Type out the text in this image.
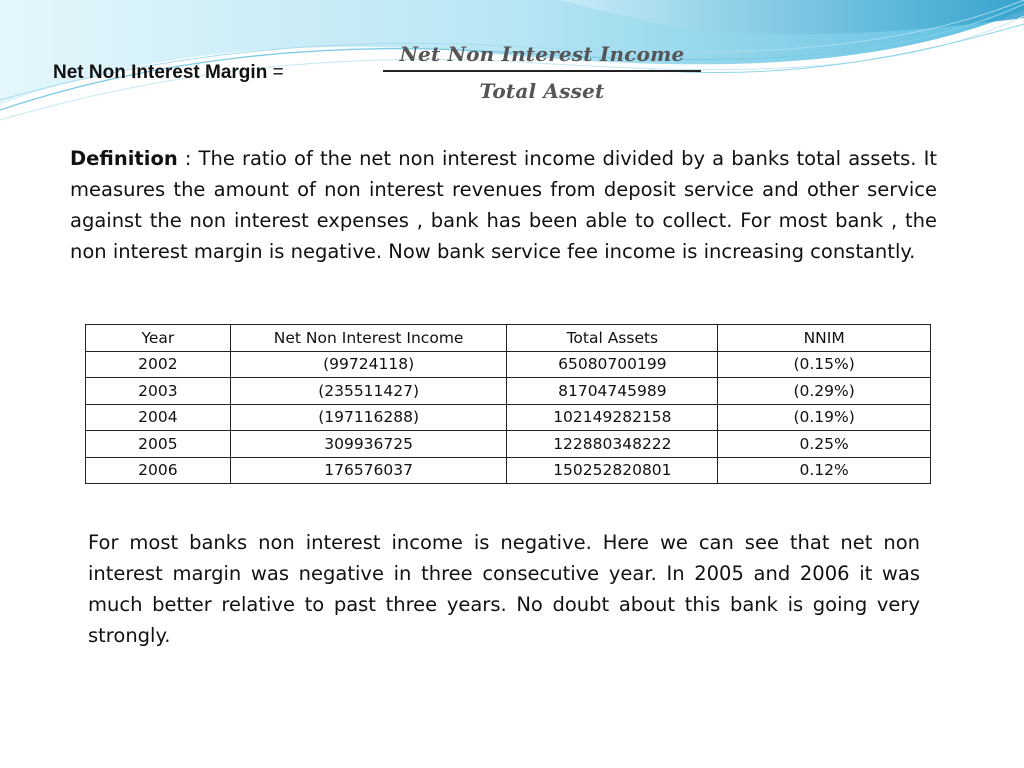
Net Non Interest Margin =
Net Non Interest Income
Total Asset
Definition : The ratio of the net non interest income divided by a banks total assets. It measures the amount of non interest revenues from deposit service and other service against the non interest expenses , bank has been able to collect. For most bank , the non interest margin is negative. Now bank service fee income is increasing constantly.
Year	Net Non Interest Income	Total Assets	NNIM
2002	(99724118)	65080700199	(0.15%)
2003	(235511427)	81704745989	(0.29%)
2004	(197116288)	102149282158	(0.19%)
2005	309936725	122880348222	0.25%
2006	176576037	150252820801	0.12%
For most banks non interest income is negative. Here we can see that net non interest margin was negative in three consecutive year. In 2005 and 2006 it was much better relative to past three years. No doubt about this bank is going very strongly.
